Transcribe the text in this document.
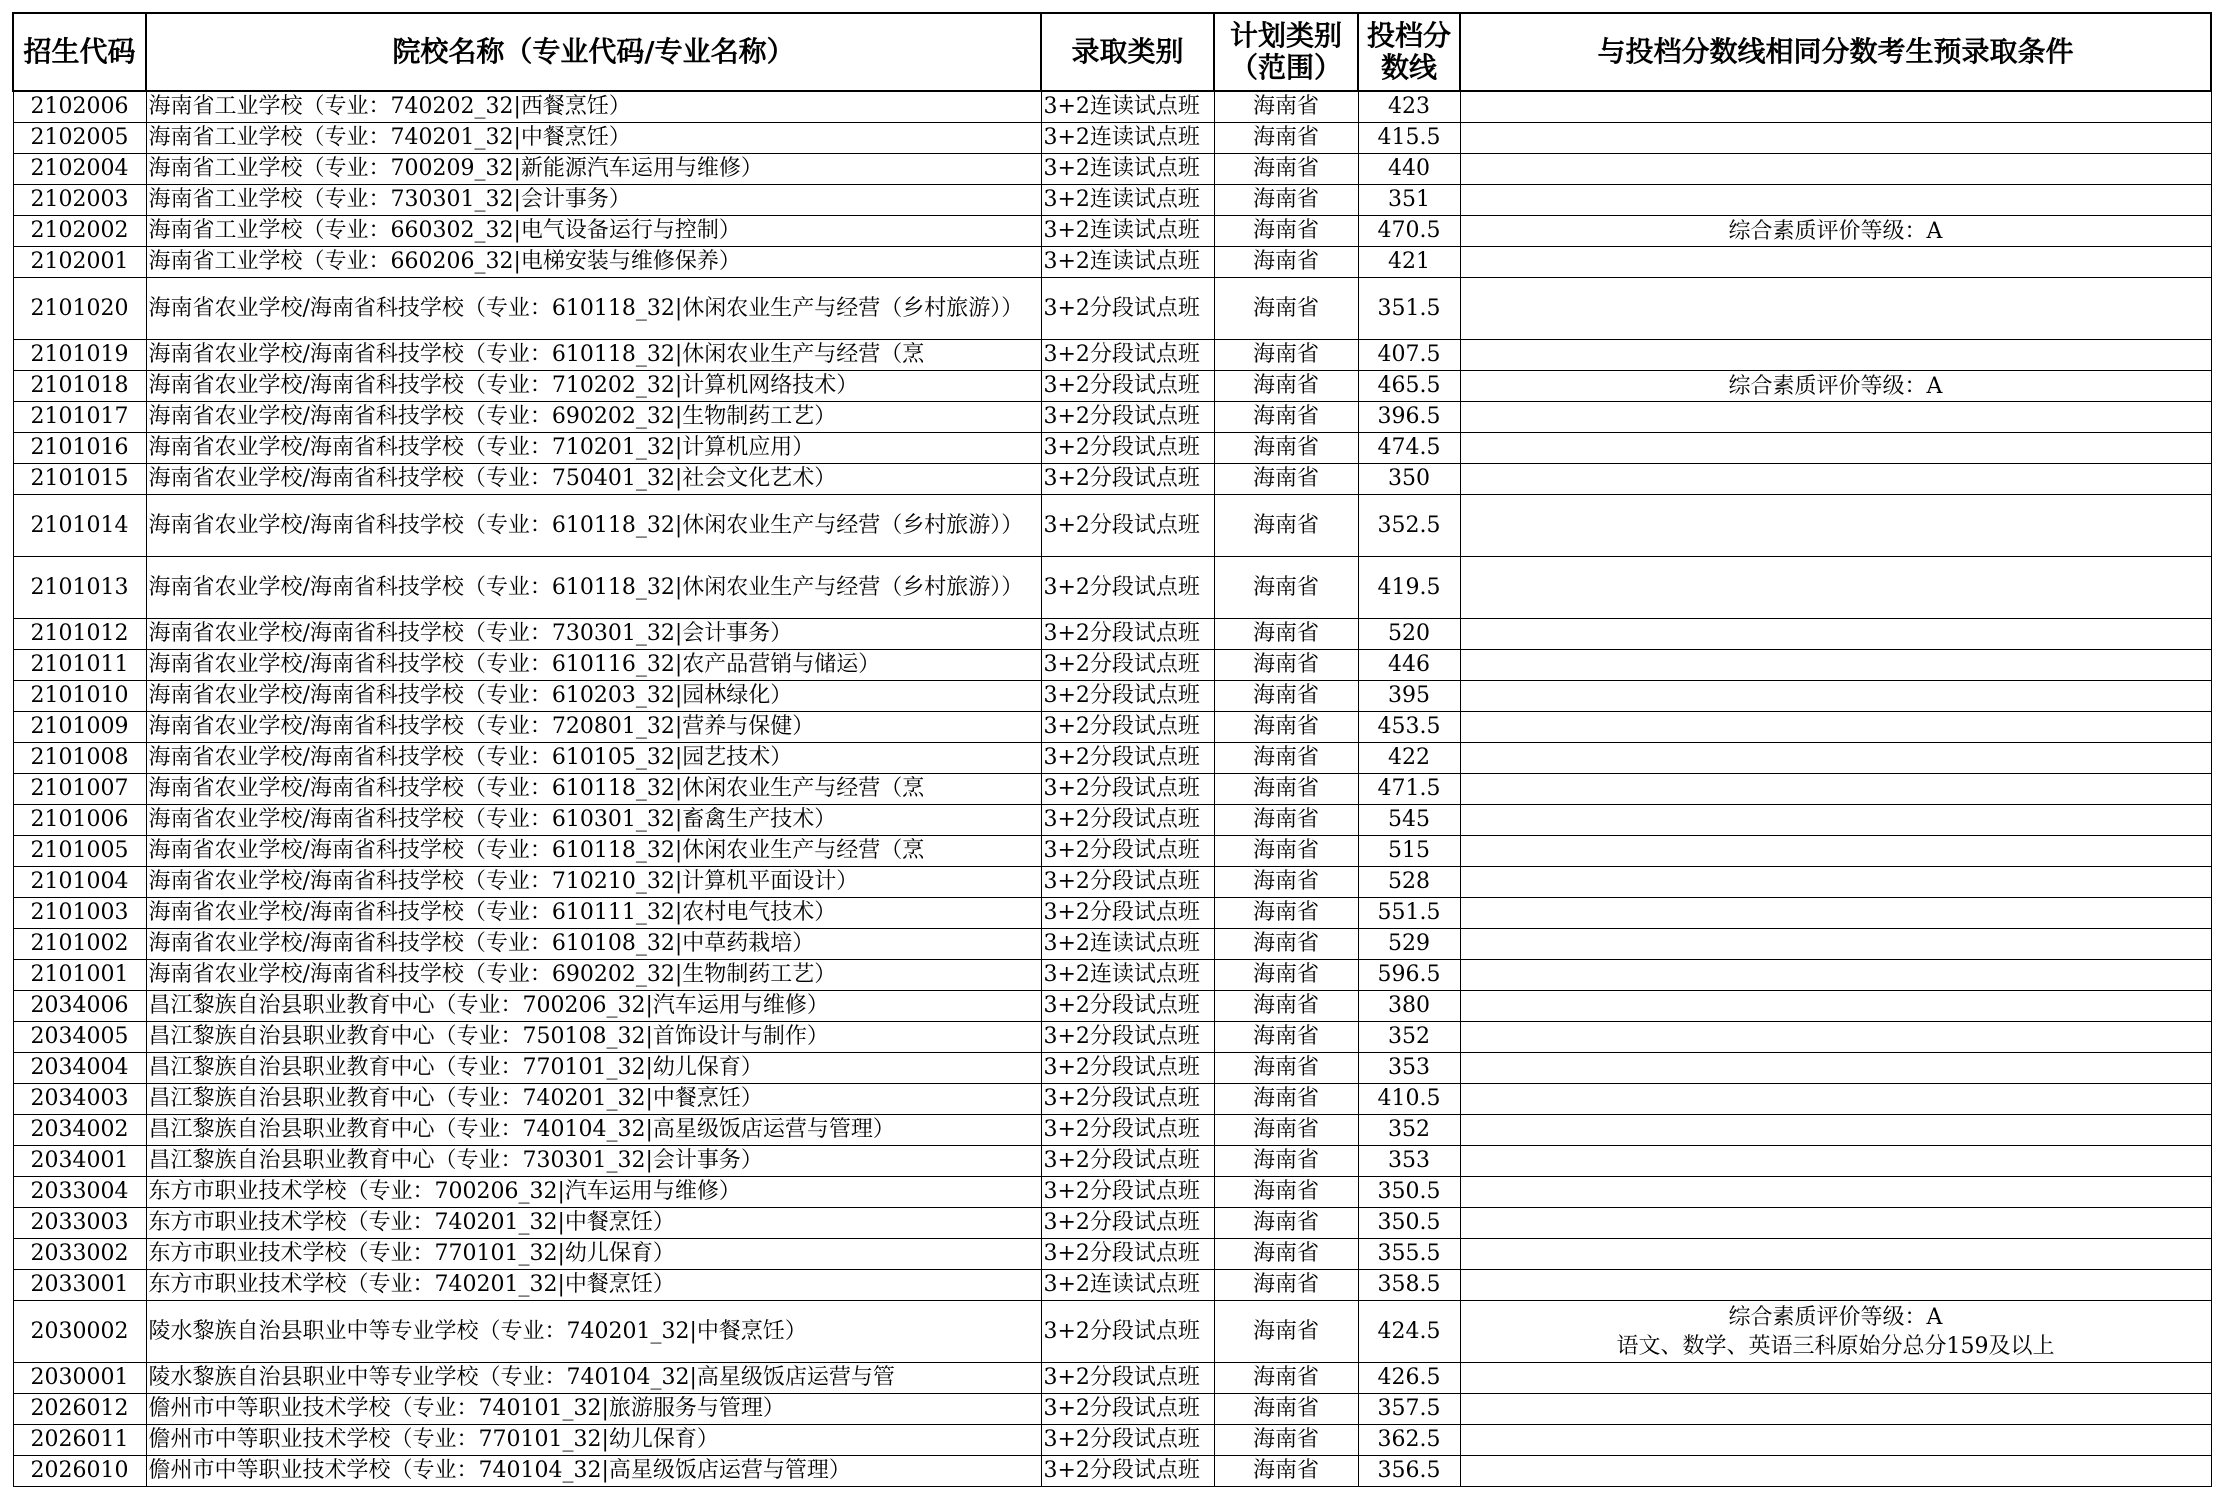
招生代码	院校名称（专业代码/专业名称）	录取类别	计划类别（范围）	投档分数线	与投档分数线相同分数考生预录取条件
2102006	海南省工业学校（专业：740202_32|西餐烹饪）	3+2连读试点班	海南省	423	
2102005	海南省工业学校（专业：740201_32|中餐烹饪）	3+2连读试点班	海南省	415.5	
2102004	海南省工业学校（专业：700209_32|新能源汽车运用与维修）	3+2连读试点班	海南省	440	
2102003	海南省工业学校（专业：730301_32|会计事务）	3+2连读试点班	海南省	351	
2102002	海南省工业学校（专业：660302_32|电气设备运行与控制）	3+2连读试点班	海南省	470.5	综合素质评价等级：A

2102001	海南省工业学校（专业：660206_32|电梯安装与维修保养）	3+2连读试点班	海南省	421	
2101020	海南省农业学校/海南省科技学校（专业：610118_32|休闲农业生产与经营（乡村旅游））	3+2分段试点班	海南省	351.5	
2101019	海南省农业学校/海南省科技学校（专业：610118_32|休闲农业生产与经营（烹	3+2分段试点班	海南省	407.5	
2101018	海南省农业学校/海南省科技学校（专业：710202_32|计算机网络技术）	3+2分段试点班	海南省	465.5	综合素质评价等级：A

2101017	海南省农业学校/海南省科技学校（专业：690202_32|生物制药工艺）	3+2分段试点班	海南省	396.5	
2101016	海南省农业学校/海南省科技学校（专业：710201_32|计算机应用）	3+2分段试点班	海南省	474.5	
2101015	海南省农业学校/海南省科技学校（专业：750401_32|社会文化艺术）	3+2分段试点班	海南省	350	
2101014	海南省农业学校/海南省科技学校（专业：610118_32|休闲农业生产与经营（乡村旅游））	3+2分段试点班	海南省	352.5	
2101013	海南省农业学校/海南省科技学校（专业：610118_32|休闲农业生产与经营（乡村旅游））	3+2分段试点班	海南省	419.5	
2101012	海南省农业学校/海南省科技学校（专业：730301_32|会计事务）	3+2分段试点班	海南省	520	
2101011	海南省农业学校/海南省科技学校（专业：610116_32|农产品营销与储运）	3+2分段试点班	海南省	446	
2101010	海南省农业学校/海南省科技学校（专业：610203_32|园林绿化）	3+2分段试点班	海南省	395	
2101009	海南省农业学校/海南省科技学校（专业：720801_32|营养与保健）	3+2分段试点班	海南省	453.5	
2101008	海南省农业学校/海南省科技学校（专业：610105_32|园艺技术）	3+2分段试点班	海南省	422	
2101007	海南省农业学校/海南省科技学校（专业：610118_32|休闲农业生产与经营（烹	3+2分段试点班	海南省	471.5	
2101006	海南省农业学校/海南省科技学校（专业：610301_32|畜禽生产技术）	3+2分段试点班	海南省	545	
2101005	海南省农业学校/海南省科技学校（专业：610118_32|休闲农业生产与经营（烹	3+2分段试点班	海南省	515	
2101004	海南省农业学校/海南省科技学校（专业：710210_32|计算机平面设计）	3+2分段试点班	海南省	528	
2101003	海南省农业学校/海南省科技学校（专业：610111_32|农村电气技术）	3+2分段试点班	海南省	551.5	
2101002	海南省农业学校/海南省科技学校（专业：610108_32|中草药栽培）	3+2连读试点班	海南省	529	
2101001	海南省农业学校/海南省科技学校（专业：690202_32|生物制药工艺）	3+2连读试点班	海南省	596.5	
2034006	昌江黎族自治县职业教育中心（专业：700206_32|汽车运用与维修）	3+2分段试点班	海南省	380	
2034005	昌江黎族自治县职业教育中心（专业：750108_32|首饰设计与制作）	3+2分段试点班	海南省	352	
2034004	昌江黎族自治县职业教育中心（专业：770101_32|幼儿保育）	3+2分段试点班	海南省	353	
2034003	昌江黎族自治县职业教育中心（专业：740201_32|中餐烹饪）	3+2分段试点班	海南省	410.5	
2034002	昌江黎族自治县职业教育中心（专业：740104_32|高星级饭店运营与管理）	3+2分段试点班	海南省	352	
2034001	昌江黎族自治县职业教育中心（专业：730301_32|会计事务）	3+2分段试点班	海南省	353	
2033004	东方市职业技术学校（专业：700206_32|汽车运用与维修）	3+2分段试点班	海南省	350.5	
2033003	东方市职业技术学校（专业：740201_32|中餐烹饪）	3+2分段试点班	海南省	350.5	
2033002	东方市职业技术学校（专业：770101_32|幼儿保育）	3+2分段试点班	海南省	355.5	
2033001	东方市职业技术学校（专业：740201_32|中餐烹饪）	3+2连读试点班	海南省	358.5	
2030002	陵水黎族自治县职业中等专业学校（专业：740201_32|中餐烹饪）	3+2分段试点班	海南省	424.5	综合素质评价等级：A
语文、数学、英语三科原始分总分159及以上

2030001	陵水黎族自治县职业中等专业学校（专业：740104_32|高星级饭店运营与管	3+2分段试点班	海南省	426.5	
2026012	儋州市中等职业技术学校（专业：740101_32|旅游服务与管理）	3+2分段试点班	海南省	357.5	
2026011	儋州市中等职业技术学校（专业：770101_32|幼儿保育）	3+2分段试点班	海南省	362.5	
2026010	儋州市中等职业技术学校（专业：740104_32|高星级饭店运营与管理）	3+2分段试点班	海南省	356.5	
